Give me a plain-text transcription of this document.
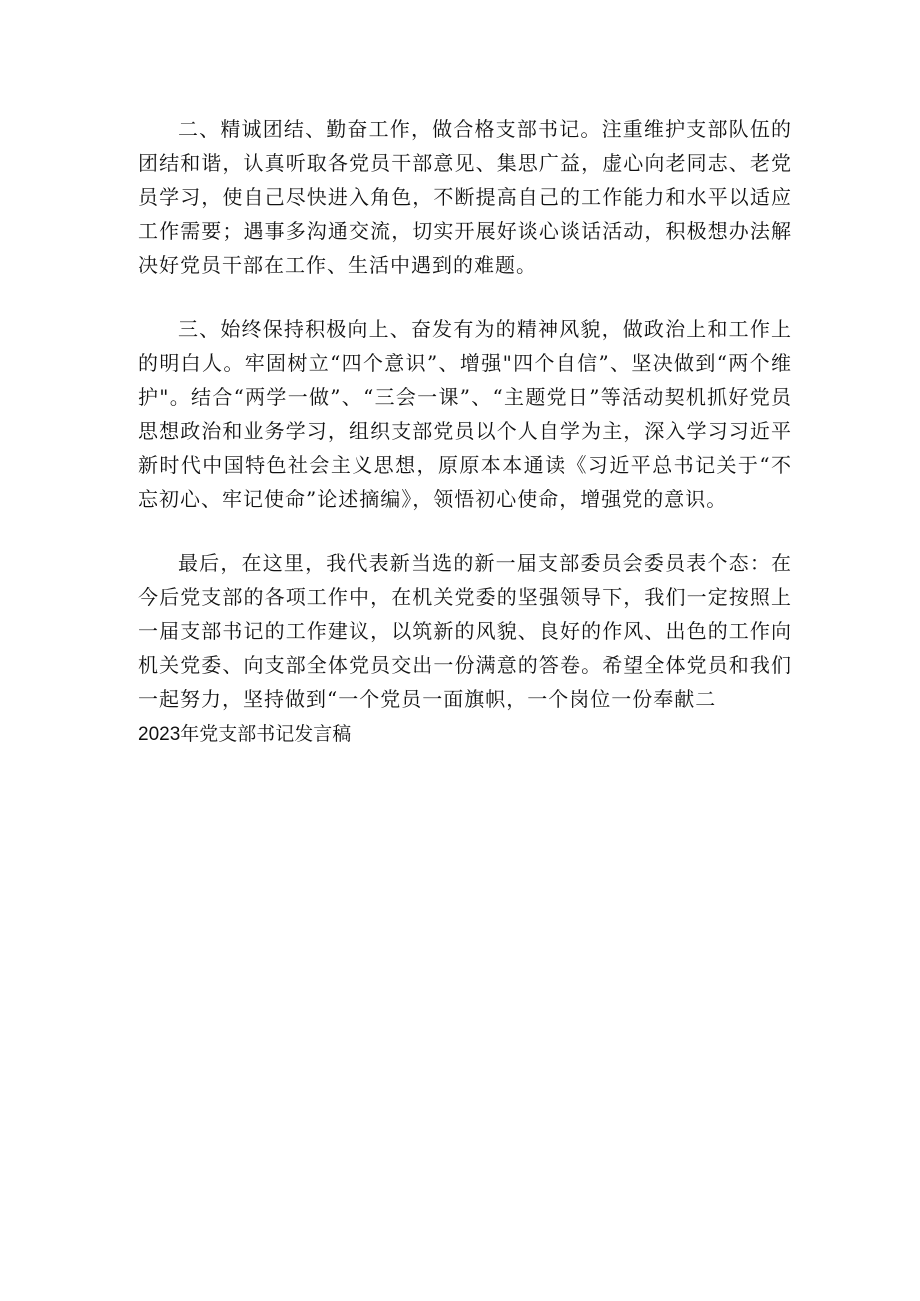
二、精诚团结、勤奋工作，做合格支部书记。注重维护支部队伍的团结和谐，认真听取各党员干部意见、集思广益，虚心向老同志、老党员学习，使自己尽快进入角色，不断提高自己的工作能力和水平以适应工作需要；遇事多沟通交流，切实开展好谈心谈话活动，积极想办法解决好党员干部在工作、生活中遇到的难题。

三、始终保持积极向上、奋发有为的精神风貌，做政治上和工作上的明白人。牢固树立“四个意识”、增强"四个自信”、坚决做到“两个维护"。结合“两学一做”、“三会一课”、“主题党日”等活动契机抓好党员思想政治和业务学习，组织支部党员以个人自学为主，深入学习习近平新时代中国特色社会主义思想，原原本本通读《习近平总书记关于“不忘初心、牢记使命”论述摘编》，领悟初心使命，增强党的意识。

最后，在这里，我代表新当选的新一届支部委员会委员表个态：在今后党支部的各项工作中，在机关党委的坚强领导下，我们一定按照上一届支部书记的工作建议，以筑新的风貌、良好的作风、出色的工作向机关党委、向支部全体党员交出一份满意的答卷。希望全体党员和我们一起努力，坚持做到“一个党员一面旗帜，一个岗位一份奉献二

2023年党支部书记发言稿
